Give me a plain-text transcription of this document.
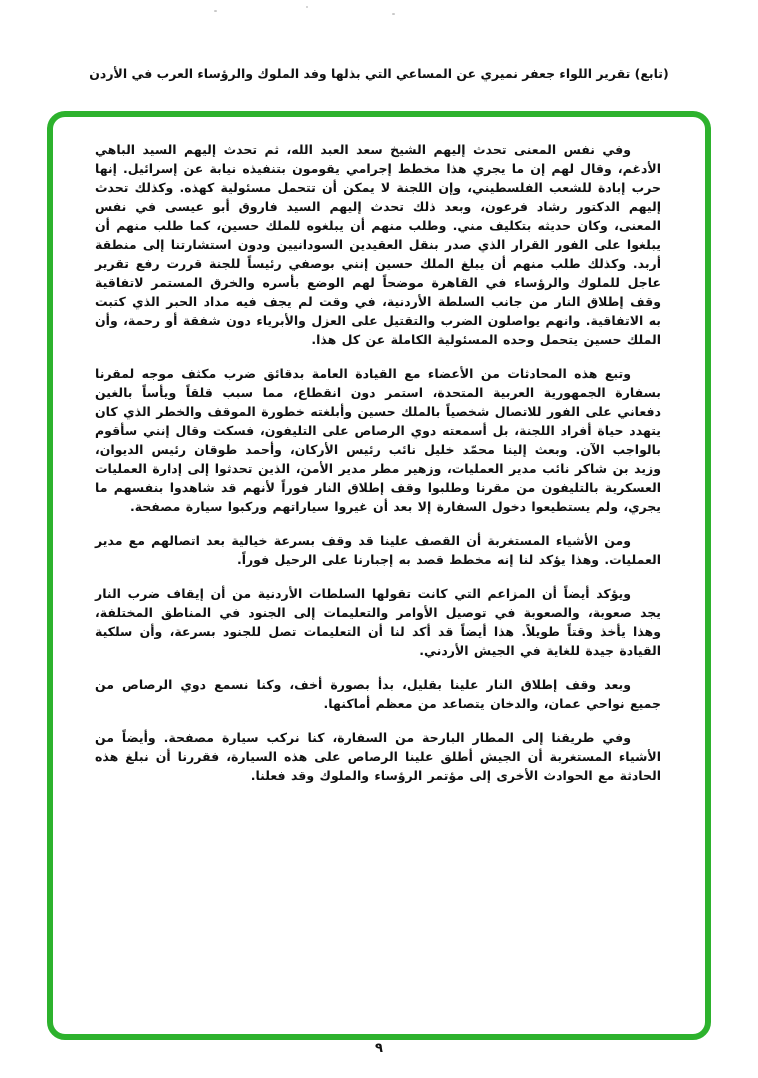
(تابع) تقرير اللواء جعفر نميري عن المساعي التي بذلها وفد الملوك والرؤساء العرب في الأردن

وفي نفس المعنى تحدث إليهم الشيخ سعد العبد الله، ثم تحدث إليهم السيد الباهي الأدغم، وقال لهم إن ما يجري هذا مخطط إجرامي يقومون بتنفيذه نيابة عن إسرائيل. إنها حرب إبادة للشعب الفلسطيني، وإن اللجنة لا يمكن أن تتحمل مسئولية كهذه. وكذلك تحدث إليهم الدكتور رشاد فرعون، وبعد ذلك تحدث إليهم السيد فاروق أبو عيسى في نفس المعنى، وكان حديثه بتكليف مني. وطلب منهم أن يبلغوه للملك حسين، كما طلب منهم أن يبلغوا على الفور القرار الذي صدر بنقل العقيدين السودانيين ودون استشارتنا إلى منطقة أربد. وكذلك طلب منهم أن يبلغ الملك حسين إنني بوصفي رئيساً للجنة قررت رفع تقرير عاجل للملوك والرؤساء في القاهرة موضحاً لهم الوضع بأسره والخرق المستمر لاتفاقية وقف إطلاق النار من جانب السلطة الأردنية، في وقت لم يجف فيه مداد الحبر الذي كتبت به الاتفاقية. وانهم يواصلون الضرب والتقتيل على العزل والأبرياء دون شفقة أو رحمة، وأن الملك حسين يتحمل وحده المسئولية الكاملة عن كل هذا.

وتبع هذه المحادثات من الأعضاء مع القيادة العامة بدقائق ضرب مكثف موجه لمقرنا بسفارة الجمهورية العربية المتحدة، استمر دون انقطاع، مما سبب قلقاً ويأساً بالغين دفعاني على الفور للاتصال شخصياً بالملك حسين وأبلغته خطورة الموقف والخطر الذي كان يتهدد حياة أفراد اللجنة، بل أسمعته دوي الرصاص على التليفون، فسكت وقال إنني سأقوم بالواجب الآن. وبعث إلينا محمّد خليل نائب رئيس الأركان، وأحمد طوقان رئيس الديوان، وزيد بن شاكر نائب مدير العمليات، وزهير مطر مدير الأمن، الذين تحدثوا إلى إدارة العمليات العسكرية بالتليفون من مقرنا وطلبوا وقف إطلاق النار فوراً لأنهم قد شاهدوا بنفسهم ما يجري، ولم يستطيعوا دخول السفارة إلا بعد أن غيروا سياراتهم وركبوا سيارة مصفحة.

ومن الأشياء المستغربة أن القصف علينا قد وقف بسرعة خيالية بعد اتصالهم مع مدير العمليات. وهذا يؤكد لنا إنه مخطط قصد به إجبارنا على الرحيل فوراً.

ويؤكد أيضاً أن المزاعم التي كانت تقولها السلطات الأردنية من أن إيقاف ضرب النار يجد صعوبة، والصعوبة في توصيل الأوامر والتعليمات إلى الجنود في المناطق المختلفة، وهذا يأخذ وقتاً طويلاً. هذا أيضاً قد أكد لنا أن التعليمات تصل للجنود بسرعة، وأن سلكية القيادة جيدة للغاية في الجيش الأردني.

وبعد وقف إطلاق النار علينا بقليل، بدأ بصورة أخف، وكنا نسمع دوي الرصاص من جميع نواحي عمان، والدخان يتصاعد من معظم أماكنها.

وفي طريقنا إلى المطار البارحة من السفارة، كنا نركب سيارة مصفحة. وأيضاً من الأشياء المستغربة أن الجيش أطلق علينا الرصاص على هذه السيارة، فقررنا أن نبلغ هذه الحادثة مع الحوادث الأخرى إلى مؤتمر الرؤساء والملوك وقد فعلنا.

٩
